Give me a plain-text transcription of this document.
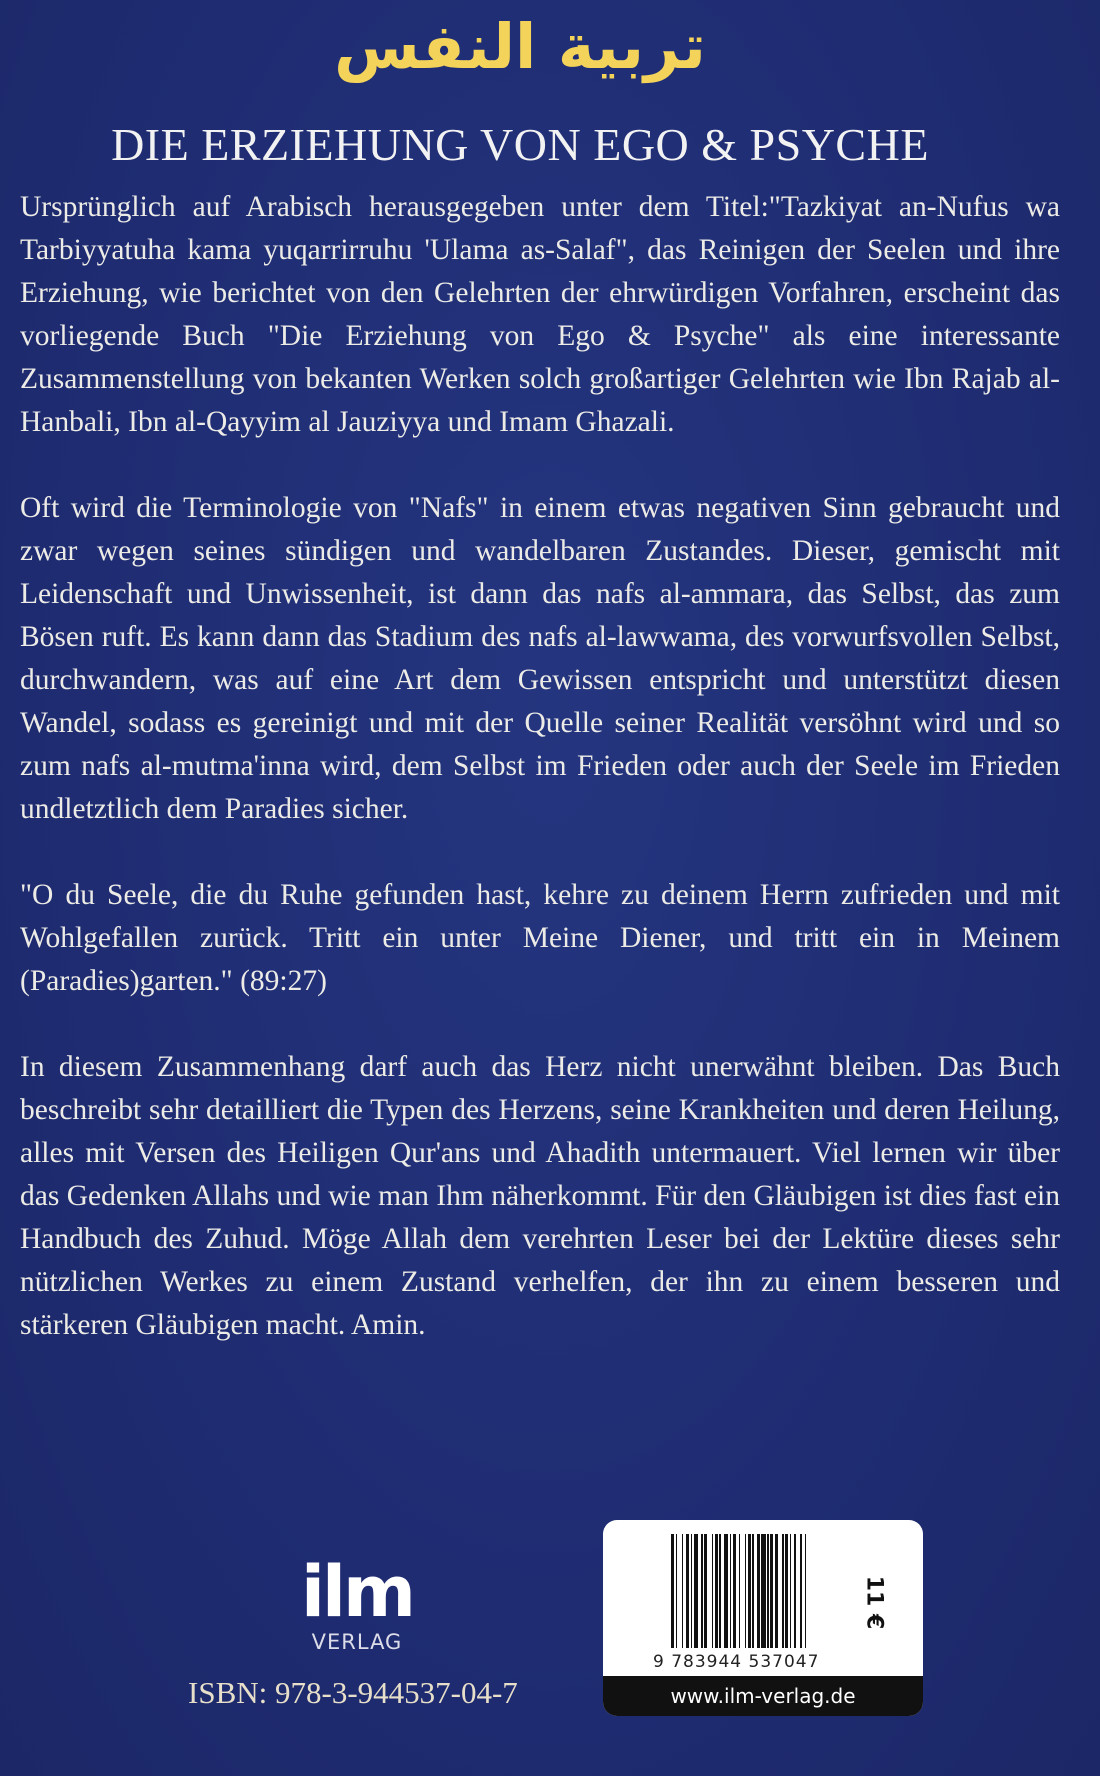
تربية النفس
DIE ERZIEHUNG VON EGO & PSYCHE

Ursprünglich auf Arabisch herausgegeben unter dem Titel:"Tazkiyat an-Nufus wa Tarbiyyatuha kama yuqarrirruhu 'Ulama as-Salaf", das Reinigen der Seelen und ihre Erziehung, wie berichtet von den Gelehrten der ehrwürdigen Vorfahren, erscheint das vorliegende Buch "Die Erziehung von Ego & Psyche" als eine interessante Zusammenstellung von bekanten Werken solch großartiger Gelehrten wie Ibn Rajab al-Hanbali, Ibn al-Qayyim al Jauziyya und Imam Ghazali.

Oft wird die Terminologie von "Nafs" in einem etwas negativen Sinn gebraucht und zwar wegen seines sündigen und wandelbaren Zustandes. Dieser, gemischt mit Leidenschaft und Unwissenheit, ist dann das nafs al-ammara, das Selbst, das zum Bösen ruft. Es kann dann das Stadium des nafs al-lawwama, des vorwurfsvollen Selbst, durchwandern, was auf eine Art dem Gewissen entspricht und unterstützt diesen Wandel, sodass es gereinigt und mit der Quelle seiner Realität versöhnt wird und so zum nafs al-mutma'inna wird, dem Selbst im Frieden oder auch der Seele im Frieden undletztlich dem Paradies sicher.

"O du Seele, die du Ruhe gefunden hast, kehre zu deinem Herrn zufrieden und mit Wohlgefallen zurück. Tritt ein unter Meine Diener, und tritt ein in Meinem (Paradies)garten." (89:27)

In diesem Zusammenhang darf auch das Herz nicht unerwähnt bleiben. Das Buch beschreibt sehr detailliert die Typen des Herzens, seine Krankheiten und deren Heilung, alles mit Versen des Heiligen Qur'ans und Ahadith untermauert. Viel lernen wir über das Gedenken Allahs und wie man Ihm näherkommt. Für den Gläubigen ist dies fast ein Handbuch des Zuhud. Möge Allah dem verehrten Leser bei der Lektüre dieses sehr nützlichen Werkes zu einem Zustand verhelfen, der ihn zu einem besseren und stärkeren Gläubigen macht. Amin.

ilm
VERLAG
ISBN: 978-3-944537-04-7
9 783944 537047
11 €
www.ilm-verlag.de
